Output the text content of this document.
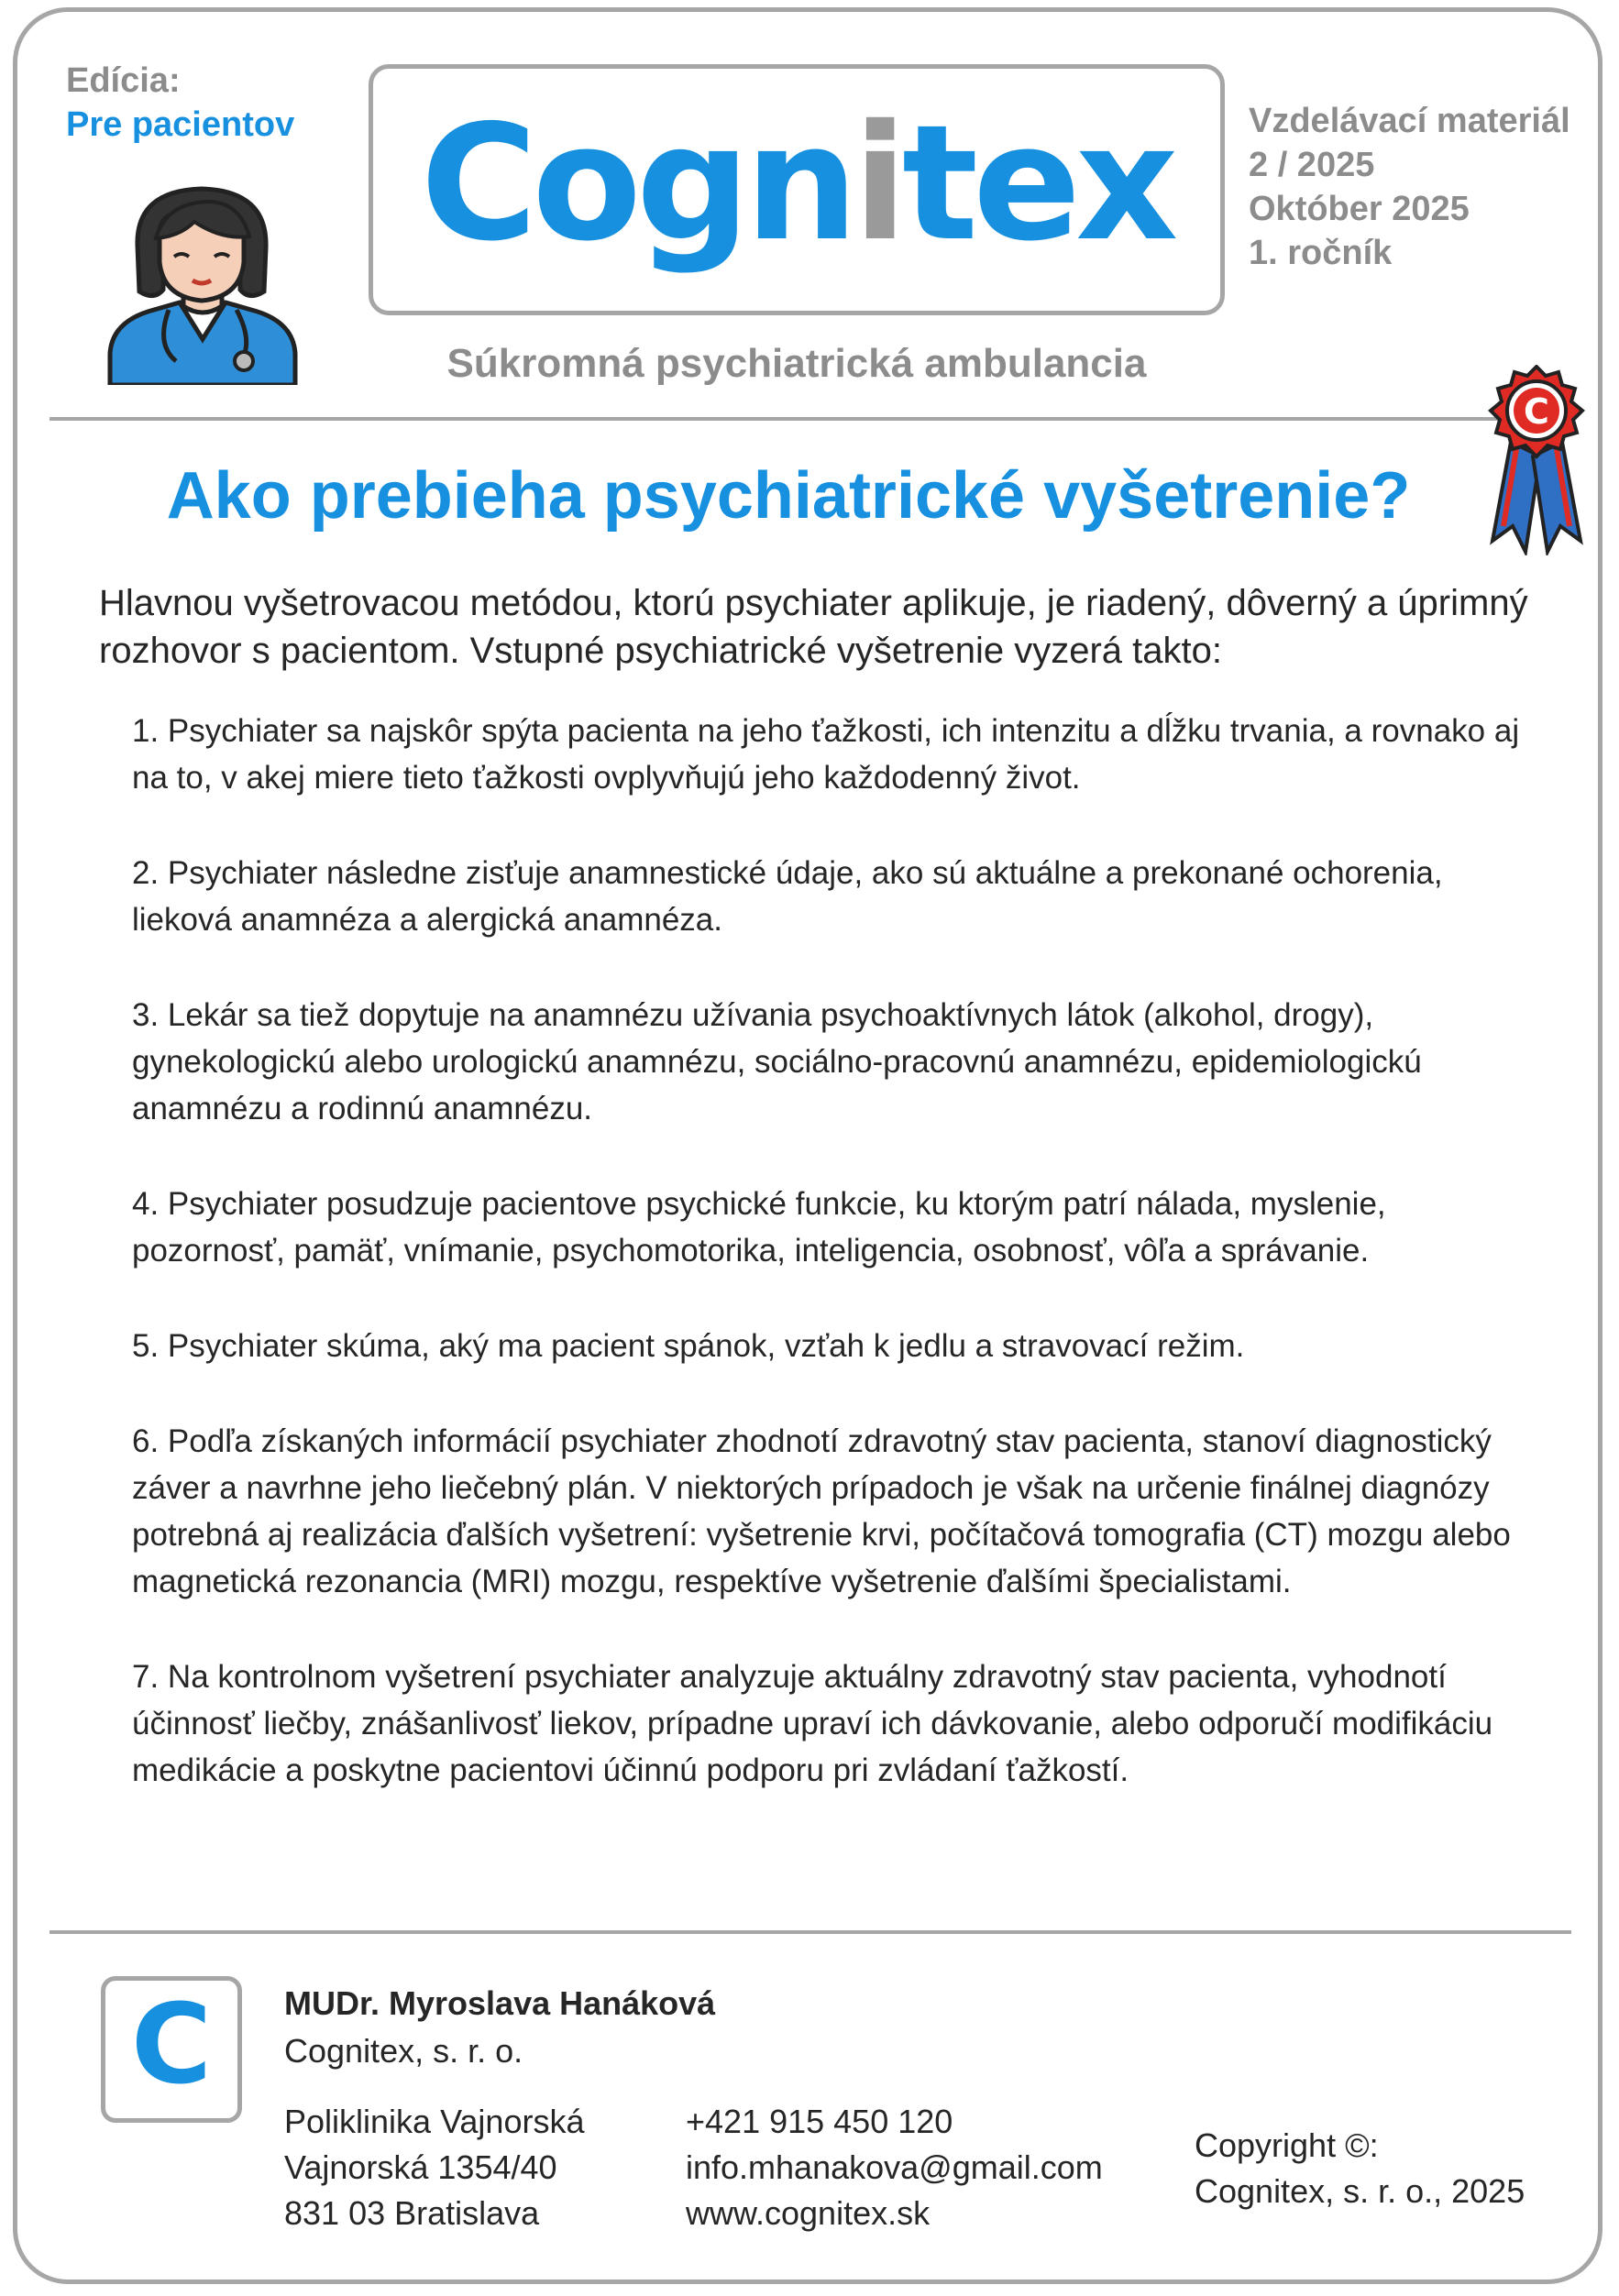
Edícia:
Pre pacientov Cognitex Vzdelávací materiál
2 / 2025
Október 2025
1. ročník
Súkromná psychiatrická ambulancia
C
Ako prebieha psychiatrické vyšetrenie?
Hlavnou vyšetrovacou metódou, ktorú psychiater aplikuje, je riadený, dôverný a úprimný rozhovor s pacientom. Vstupné psychiatrické vyšetrenie vyzerá takto:

1. Psychiater sa najskôr spýta pacienta na jeho ťažkosti, ich intenzitu a dĺžku trvania, a rovnako aj na to, v akej miere tieto ťažkosti ovplyvňujú jeho každodenný život.

2. Psychiater následne zisťuje anamnestické údaje, ako sú aktuálne a prekonané ochorenia, lieková anamnéza a alergická anamnéza.

3. Lekár sa tiež dopytuje na anamnézu užívania psychoaktívnych látok (alkohol, drogy), gynekologickú alebo urologickú anamnézu, sociálno-pracovnú anamnézu, epidemiologickú anamnézu a rodinnú anamnézu.

4. Psychiater posudzuje pacientove psychické funkcie, ku ktorým patrí nálada, myslenie, pozornosť, pamäť, vnímanie, psychomotorika, inteligencia, osobnosť, vôľa a správanie.

5. Psychiater skúma, aký ma pacient spánok, vzťah k jedlu a stravovací režim.

6. Podľa získaných informácií psychiater zhodnotí zdravotný stav pacienta, stanoví diagnostický záver a navrhne jeho liečebný plán. V niektorých prípadoch je však na určenie finálnej diagnózy potrebná aj realizácia ďalších vyšetrení: vyšetrenie krvi, počítačová tomografia (CT) mozgu alebo magnetická rezonancia (MRI) mozgu, respektíve vyšetrenie ďalšími špecialistami.

7. Na kontrolnom vyšetrení psychiater analyzuje aktuálny zdravotný stav pacienta, vyhodnotí účinnosť liečby, znášanlivosť liekov, prípadne upraví ich dávkovanie, alebo odporučí modifikáciu medikácie a poskytne pacientovi účinnú podporu pri zvládaní ťažkostí.

C MUDr. Myroslava Hanáková
Cognitex, s. r. o.
Poliklinika Vajnorská
Vajnorská 1354/40
831 03 Bratislava
+421 915 450 120
info.mhanakova@gmail.com
www.cognitex.sk
Copyright ©:
Cognitex, s. r. o., 2025
